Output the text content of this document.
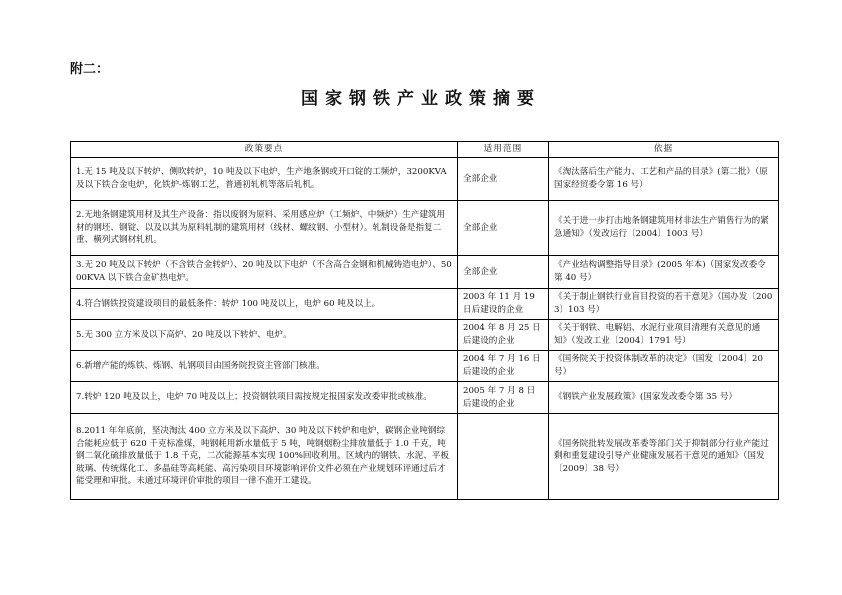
附二：

国家钢铁产业政策摘要
政策要点	适用范围	依据
1.无 15 吨及以下转炉、侧吹转炉，10 吨及以下电炉，生产地条钢或开口锭的工频炉，3200KVA 及以下铁合金电炉，化铁炉-炼钢工艺，普通初轧机等落后轧机。	全部企业	《淘汰落后生产能力、工艺和产品的目录》(第二批）（原国家经贸委令第 16 号）
2.无地条钢建筑用材及其生产设备：指以废钢为原料、采用感应炉（工频炉、中频炉）生产建筑用材的钢坯、钢锭、以及以其为原料轧制的建筑用材（线材、螺纹钢、小型材）。轧制设备是指复二重、横列式钢材轧机。	全部企业	《关于进一步打击地条钢建筑用材非法生产销售行为的紧急通知》（发改运行〔2004〕1003 号）
3.无 20 吨及以下转炉（不含铁合金转炉）、20 吨及以下电炉（不含高合金钢和机械铸造电炉）、5000KVA 以下铁合金矿热电炉。	全部企业	《产业结构调整指导目录》(2005 年本)（国家发改委令第 40 号）
4.符合钢铁投资建设项目的最低条件：转炉 100 吨及以上，电炉 60 吨及以上。	2003 年 11 月 19 日后建设的企业	《关于制止钢铁行业盲目投资的若干意见》（国办发〔2003〕103 号）
5.无 300 立方米及以下高炉、20 吨及以下转炉、电炉。	2004 年 8 月 25 日后建设的企业	《关于钢铁、电解铝、水泥行业项目清理有关意见的通知》（发改工业〔2004〕1791 号）
6.新增产能的炼铁、炼钢、轧钢项目由国务院投资主管部门核准。	2004 年 7 月 16 日后建设的企业	《国务院关于投资体制改革的决定》（国发〔2004〕20 号）
7.转炉 120 吨及以上，电炉 70 吨及以上；投资钢铁项目需按规定报国家发改委审批或核准。	2005 年 7 月 8 日后建设的企业	《钢铁产业发展政策》(国家发改委令第 35 号）
8.2011 年年底前，坚决淘汰 400 立方米及以下高炉、30 吨及以下转炉和电炉，碳钢企业吨钢综合能耗应低于 620 千克标准煤，吨钢耗用新水量低于 5 吨，吨钢烟粉尘排放量低于 1.0 千克，吨钢二氧化硫排放量低于 1.8 千克，二次能源基本实现 100%回收利用。区域内的钢铁、水泥、平板玻璃、传统煤化工、多晶硅等高耗能、高污染项目环境影响评价文件必须在产业规划环评通过后才能受理和审批。未通过环境评价审批的项目一律不准开工建设。		《国务院批转发展改革委等部门关于抑制部分行业产能过剩和重复建设引导产业健康发展若干意见的通知》（国发〔2009〕38 号）
